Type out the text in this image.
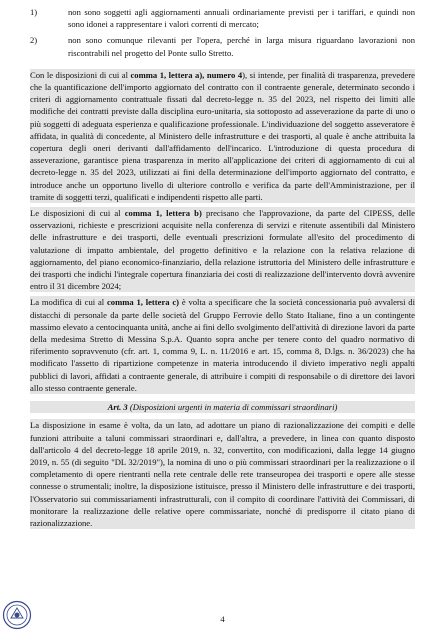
1)	non sono soggetti agli aggiornamenti annuali ordinariamente previsti per i tariffari, e quindi non sono idonei a rappresentare i valori correnti di mercato;
2)	non sono comunque rilevanti per l'opera, perché in larga misura riguardano lavorazioni non riscontrabili nel progetto del Ponte sullo Stretto.

Con le disposizioni di cui al comma 1, lettera a), numero 4), si intende, per finalità di trasparenza, prevedere che la quantificazione dell'importo aggiornato del contratto con il contraente generale, determinato secondo i criteri di aggiornamento contrattuale fissati dal decreto-legge n. 35 del 2023, nel rispetto dei limiti alle modifiche dei contratti previste dalla disciplina euro-unitaria, sia sottoposto ad asseverazione da parte di uno o più soggetti di adeguata esperienza e qualificazione professionale. L'individuazione del soggetto asseveratore è affidata, in qualità di concedente, al Ministero delle infrastrutture e dei trasporti, al quale è anche attribuita la copertura degli oneri derivanti dall'affidamento dell'incarico. L'introduzione di questa procedura di asseverazione, garantisce piena trasparenza in merito all'applicazione dei criteri di aggiornamento di cui al decreto-legge n. 35 del 2023, utilizzati ai fini della determinazione dell'importo aggiornato del contratto, e introduce anche un opportuno livello di ulteriore controllo e verifica da parte dell'Amministrazione, per il tramite di soggetti terzi, qualificati e indipendenti rispetto alle parti.

Le disposizioni di cui al comma 1, lettera b) precisano che l'approvazione, da parte del CIPESS, delle osservazioni, richieste e prescrizioni acquisite nella conferenza di servizi e ritenute assentibili dal Ministero delle infrastrutture e dei trasporti, delle eventuali prescrizioni formulate all'esito del procedimento di valutazione di impatto ambientale, del progetto definitivo e la relazione con la relativa relazione di aggiornamento, del piano economico-finanziario, della relazione istruttoria del Ministero delle infrastrutture e dei trasporti che indichi l'integrale copertura finanziaria dei costi di realizzazione dell'intervento dovrà avvenire entro il 31 dicembre 2024;

La modifica di cui al comma 1, lettera c) è volta a specificare che la società concessionaria può avvalersi di distacchi di personale da parte delle società del Gruppo Ferrovie dello Stato Italiane, fino a un contingente massimo elevato a centocinquanta unità, anche ai fini dello svolgimento dell'attività di direzione lavori da parte della medesima Stretto di Messina S.p.A. Quanto sopra anche per tenere conto del quadro normativo di riferimento sopravvenuto (cfr. art. 1, comma 9, L. n. 11/2016 e art. 15, comma 8, D.lgs. n. 36/2023) che ha modificato l'assetto di ripartizione competenze in materia introducendo il divieto imperativo negli appalti pubblici di lavori, affidati a contraente generale, di attribuire i compiti di responsabile o di direttore dei lavori allo stesso contraente generale.

Art. 3 (Disposizioni urgenti in materia di commissari straordinari)

La disposizione in esame è volta, da un lato, ad adottare un piano di razionalizzazione dei compiti e delle funzioni attribuite a taluni commissari straordinari e, dall'altra, a prevedere, in linea con quanto disposto dall'articolo 4 del decreto-legge 18 aprile 2019, n. 32, convertito, con modificazioni, dalla legge 14 giugno 2019, n. 55 (di seguito "DL 32/2019"), la nomina di uno o più commissari straordinari per la realizzazione o il completamento di opere rientranti nella rete centrale delle rete transeuropea dei trasporti e opere alle stesse connesse o strumentali; inoltre, la disposizione istituisce, presso il Ministero delle infrastrutture e dei trasporti, l'Osservatorio sui commissariamenti infrastrutturali, con il compito di coordinare l'attività dei Commissari, di monitorare la realizzazione delle relative opere commissariate, nonché di predisporre il citato piano di razionalizzazione.

4
